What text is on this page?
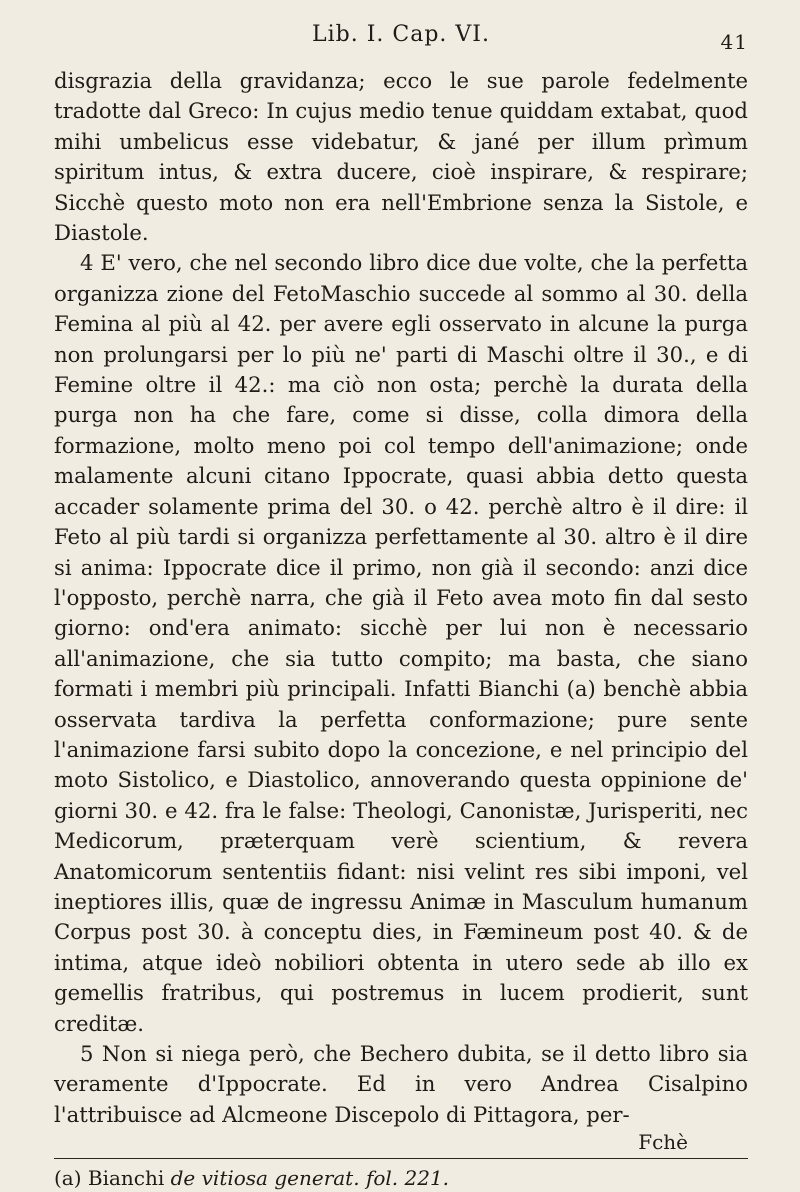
Lib. I. Cap. VI.	41

disgrazia della gravidanza; ecco le sue parole fedelmente tradotte dal Greco: In cujus medio tenue quiddam extabat, quod mihi umbelicus esse videbatur, & jané per illum prìmum spiritum intus, & extra ducere, cioè inspirare, & respirare; Sicchè questo moto non era nell'Embrione senza la Sistole, e Diastole.

4 E' vero, che nel secondo libro dice due volte, che la perfetta organizza zione del FetoMaschio succede al sommo al 30. della Femina al più al 42. per avere egli osservato in alcune la purga non prolungarsi per lo più ne' parti di Maschi oltre il 30., e di Femine oltre il 42.: ma ciò non osta; perchè la durata della purga non ha che fare, come si disse, colla dimora della formazione, molto meno poi col tempo dell'animazione; onde malamente alcuni citano Ippocrate, quasi abbia detto questa accader solamente prima del 30. o 42. perchè altro è il dire: il Feto al più tardi si organizza perfettamente al 30. altro è il dire si anima: Ippocrate dice il primo, non già il secondo: anzi dice l'opposto, perchè narra, che già il Feto avea moto fin dal sesto giorno: ond'era animato: sicchè per lui non è necessario all'animazione, che sia tutto compito; ma basta, che siano formati i membri più principali. Infatti Bianchi (a) benchè abbia osservata tardiva la perfetta conformazione; pure sente l'animazione farsi subito dopo la concezione, e nel principio del moto Sistolico, e Diastolico, annoverando questa oppinione de' giorni 30. e 42. fra le false: Theologi, Canonistæ, Jurisperiti, nec Medicorum, præterquam verè scientium, & revera Anatomicorum sententiis fidant: nisi velint res sibi imponi, vel ineptiores illis, quæ de ingressu Animæ in Masculum humanum Corpus post 30. à conceptu dies, in Fæmineum post 40. & de intima, atque ideò nobiliori obtenta in utero sede ab illo ex gemellis fratribus, qui postremus in lucem prodierit, sunt creditæ.

5 Non si niega però, che Bechero dubita, se il detto libro sia veramente d'Ippocrate. Ed in vero Andrea Cisalpino l'attribuisce ad Alcmeone Discepolo di Pittagora, per-

F chè
(a) Bianchi de vitiosa generat. fol. 221.
